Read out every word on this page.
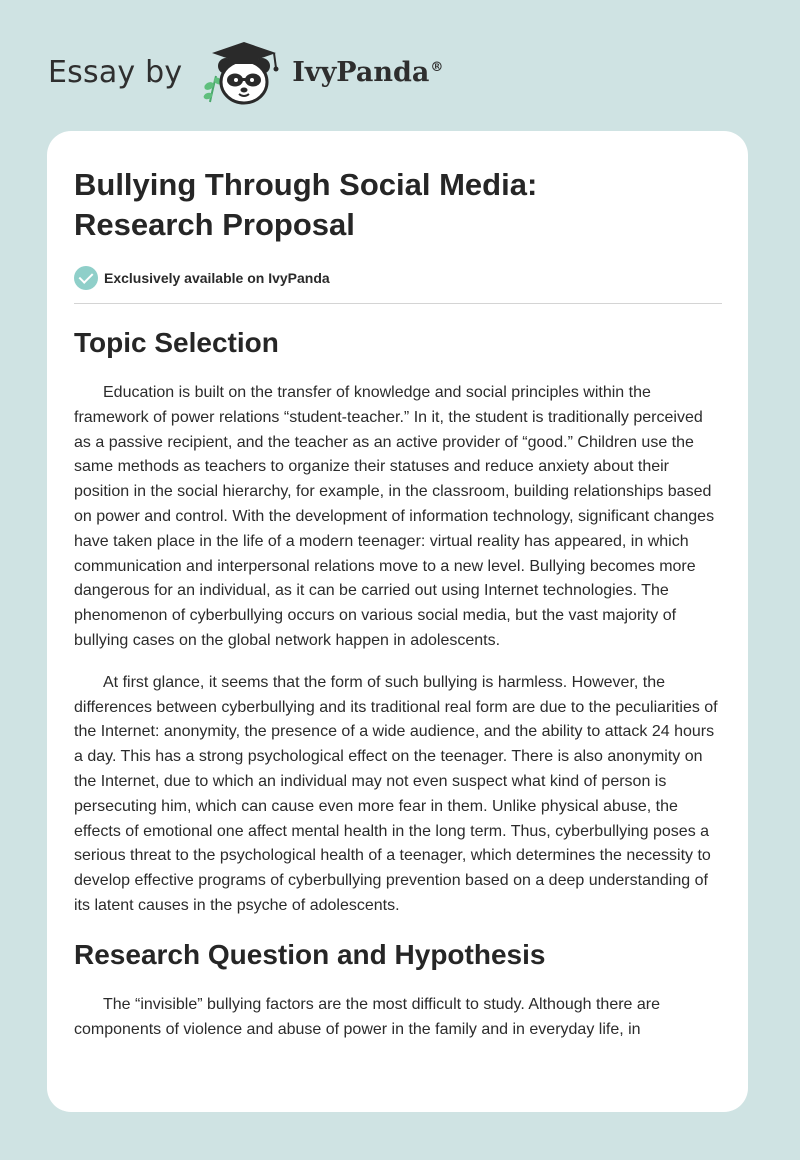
Essay by	IvyPanda®
Bullying Through Social Media:
Research Proposal
Exclusively available on IvyPanda
Topic Selection

Education is built on the transfer of knowledge and social principles within the framework of power relations “student-teacher.” In it, the student is traditionally perceived as a passive recipient, and the teacher as an active provider of “good.” Children use the same methods as teachers to organize their statuses and reduce anxiety about their position in the social hierarchy, for example, in the classroom, building relationships based on power and control. With the development of information technology, significant changes have taken place in the life of a modern teenager: virtual reality has appeared, in which communication and interpersonal relations move to a new level. Bullying becomes more dangerous for an individual, as it can be carried out using Internet technologies. The phenomenon of cyberbullying occurs on various social media, but the vast majority of bullying cases on the global network happen in adolescents.

At first glance, it seems that the form of such bullying is harmless. However, the differences between cyberbullying and its traditional real form are due to the peculiarities of the Internet: anonymity, the presence of a wide audience, and the ability to attack 24 hours a day. This has a strong psychological effect on the teenager. There is also anonymity on the Internet, due to which an individual may not even suspect what kind of person is persecuting him, which can cause even more fear in them. Unlike physical abuse, the effects of emotional one affect mental health in the long term. Thus, cyberbullying poses a serious threat to the psychological health of a teenager, which determines the necessity to develop effective programs of cyberbullying prevention based on a deep understanding of its latent causes in the psyche of adolescents.

Research Question and Hypothesis

The “invisible” bullying factors are the most difficult to study. Although there are components of violence and abuse of power in the family and in everyday life, in
